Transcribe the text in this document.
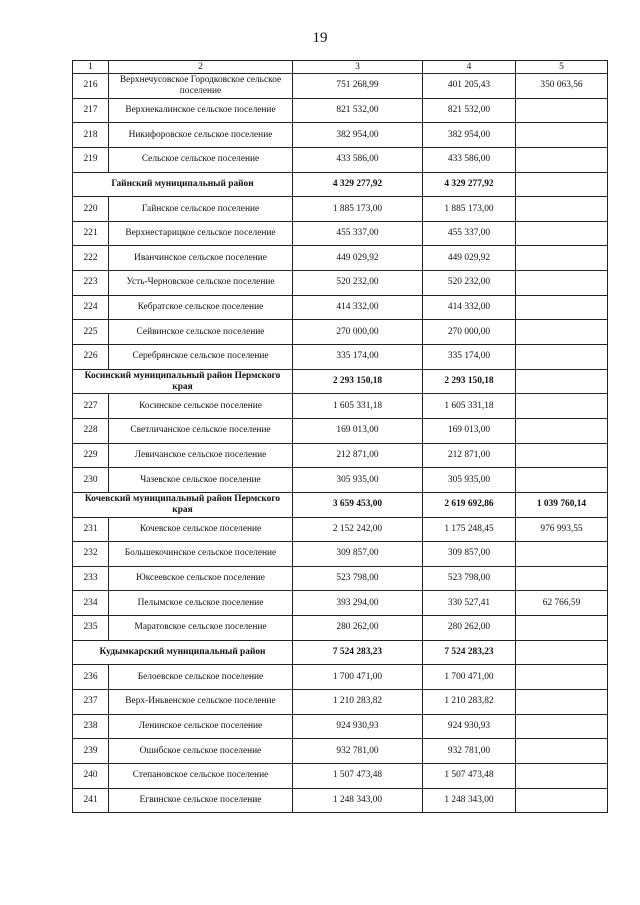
19
1	2	3	4	5
216	Верхнечусовское Городковское сельское поселение	751 268,99	401 205,43	350 063,56
217	Верхнекалинское сельское поселение	821 532,00	821 532,00	
218	Никифоровское сельское поселение	382 954,00	382 954,00	
219	Сельское сельское поселение	433 586,00	433 586,00	
Гайнский муниципальный район		4 329 277,92	4 329 277,92	
220	Гайнское сельское поселение	1 885 173,00	1 885 173,00	
221	Верхнестарицкое сельское поселение	455 337,00	455 337,00	
222	Иванчинское сельское поселение	449 029,92	449 029,92	
223	Усть-Черновское сельское поселение	520 232,00	520 232,00	
224	Кебратское сельское поселение	414 332,00	414 332,00	
225	Сейвинское сельское поселение	270 000,00	270 000,00	
226	Серебрянское сельское поселение	335 174,00	335 174,00	
Косинский муниципальный район Пермского края		2 293 150,18	2 293 150,18	
227	Косинское сельское поселение	1 605 331,18	1 605 331,18	
228	Светличанское сельское поселение	169 013,00	169 013,00	
229	Левичанское сельское поселение	212 871,00	212 871,00	
230	Чазевское сельское поселение	305 935,00	305 935,00	
Кочевский муниципальный район Пермского края		3 659 453,00	2 619 692,86	1 039 760,14
231	Кочевское сельское поселение	2 152 242,00	1 175 248,45	976 993,55
232	Большекочинское сельское поселение	309 857,00	309 857,00	
233	Юксеевское сельское поселение	523 798,00	523 798,00	
234	Пелымское сельское поселение	393 294,00	330 527,41	62 766,59
235	Маратовское сельское поселение	280 262,00	280 262,00	
Кудымкарский муниципальный район		7 524 283,23	7 524 283,23	
236	Белоевское сельское поселение	1 700 471,00	1 700 471,00	
237	Верх-Иньвенское сельское поселение	1 210 283,82	1 210 283,82	
238	Ленинское сельское поселение	924 930,93	924 930,93	
239	Ошибское сельское поселение	932 781,00	932 781,00	
240	Степановское сельское поселение	1 507 473,48	1 507 473,48	
241	Егвинское сельское поселение	1 248 343,00	1 248 343,00	
